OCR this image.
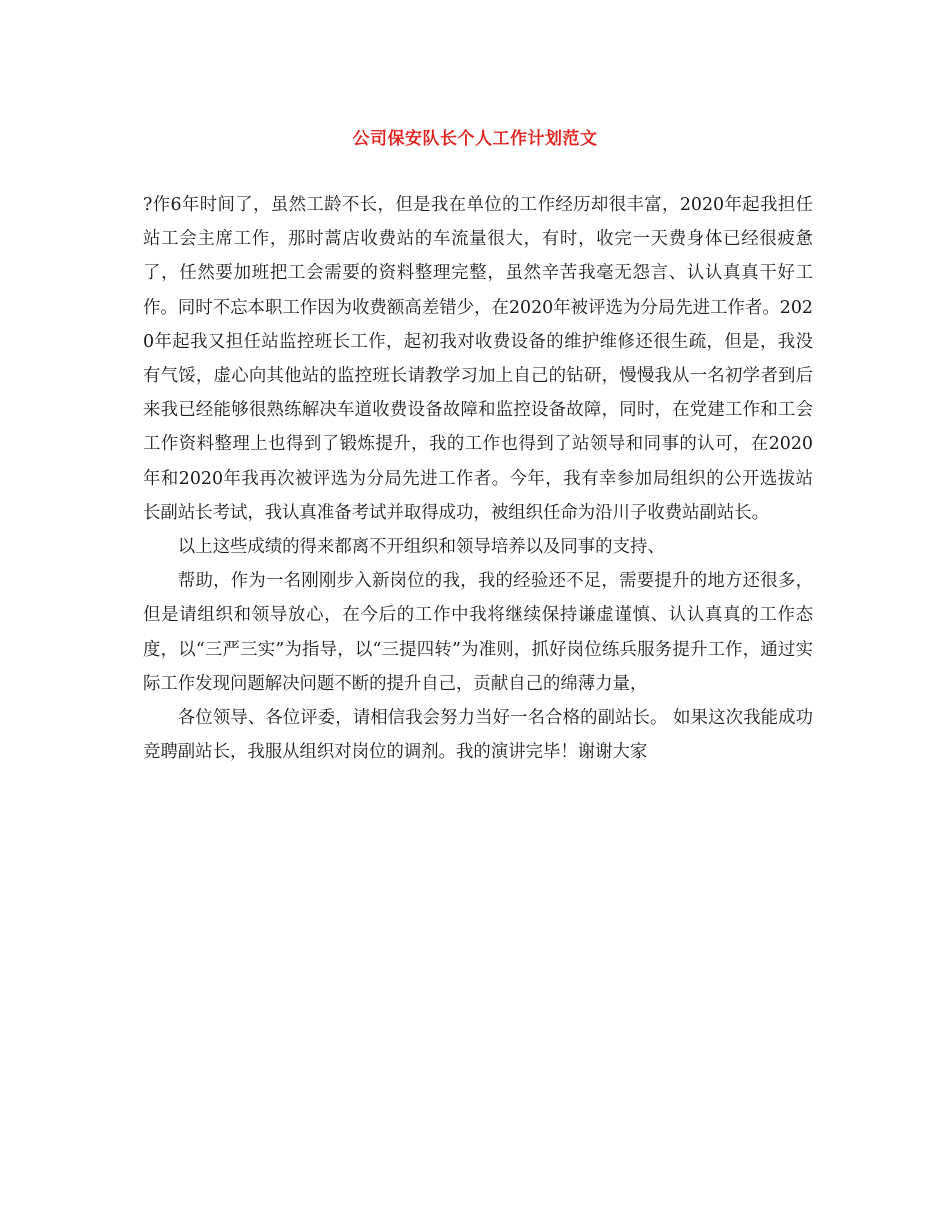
公司保安队长个人工作计划范文

?作6年时间了，虽然工龄不长，但是我在单位的工作经历却很丰富，2020年起我担任站工会主席工作，那时蒿店收费站的车流量很大，有时，收完一天费身体已经很疲惫了，任然要加班把工会需要的资料整理完整，虽然辛苦我毫无怨言、认认真真干好工作。同时不忘本职工作因为收费额高差错少，在2020年被评选为分局先进工作者。2020年起我又担任站监控班长工作，起初我对收费设备的维护维修还很生疏，但是，我没有气馁，虚心向其他站的监控班长请教学习加上自己的钻研，慢慢我从一名初学者到后来我已经能够很熟练解决车道收费设备故障和监控设备故障，同时，在党建工作和工会工作资料整理上也得到了锻炼提升，我的工作也得到了站领导和同事的认可，在2020年和2020年我再次被评选为分局先进工作者。今年，我有幸参加局组织的公开选拔站长副站长考试，我认真准备考试并取得成功，被组织任命为沿川子收费站副站长。

以上这些成绩的得来都离不开组织和领导培养以及同事的支持、

帮助，作为一名刚刚步入新岗位的我，我的经验还不足，需要提升的地方还很多，但是请组织和领导放心，在今后的工作中我将继续保持谦虚谨慎、认认真真的工作态度，以“三严三实”为指导，以“三提四转”为准则，抓好岗位练兵服务提升工作，通过实际工作发现问题解决问题不断的提升自己，贡献自己的绵薄力量，

各位领导、各位评委，请相信我会努力当好一名合格的副站长。 如果这次我能成功竞聘副站长，我服从组织对岗位的调剂。我的演讲完毕！谢谢大家
